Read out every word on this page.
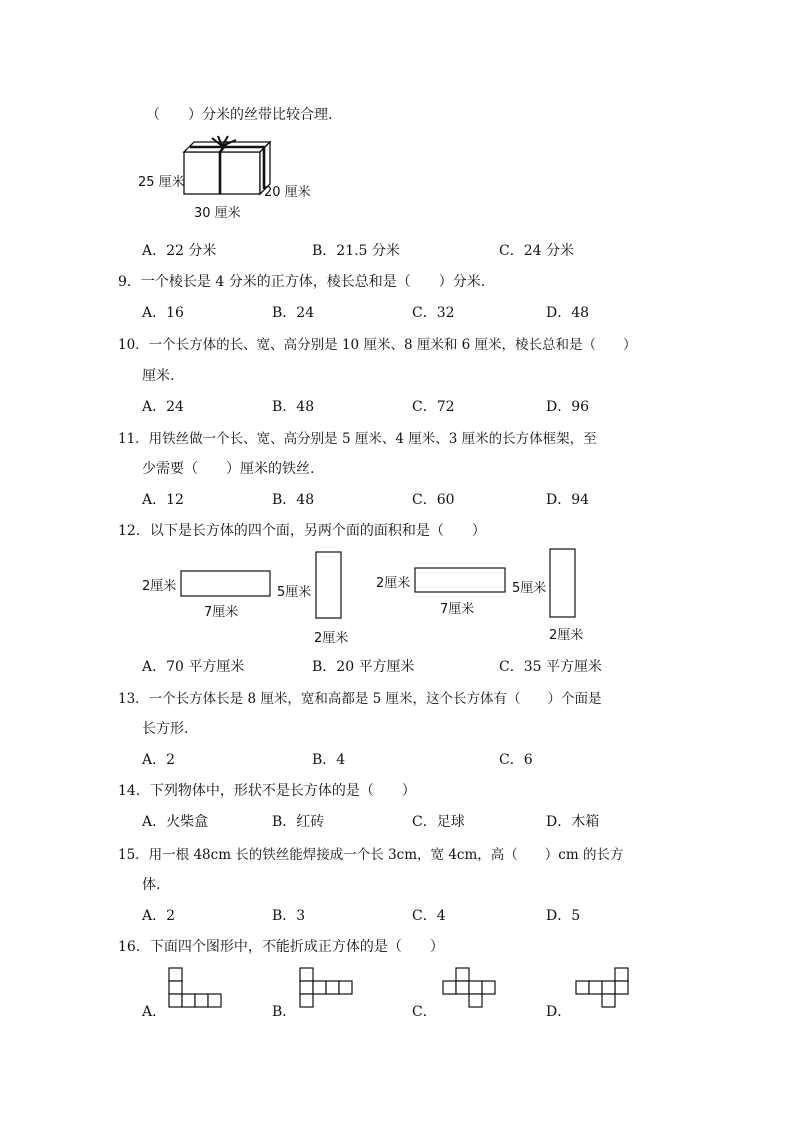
（　　）分米的丝带比较合理.
25 厘米
20 厘米
30 厘米
A．22 分米	B．21.5 分米	C．24 分米
9．一个棱长是 4 分米的正方体，棱长总和是（　　）分米.
A．16	B．24	C．32	D．48
10．一个长方体的长、宽、高分别是 10 厘米、8 厘米和 6 厘米，棱长总和是（　　）
厘米.
A．24	B．48	C．72	D．96
11．用铁丝做一个长、宽、高分别是 5 厘米、4 厘米、3 厘米的长方体框架，至
少需要（　　）厘米的铁丝.
A．12	B．48	C．60	D．94
12．以下是长方体的四个面，另两个面的面积和是（　　）
2厘米
7厘米
5厘米
2厘米
2厘米
7厘米
5厘米
2厘米
A．70 平方厘米	B．20 平方厘米	C．35 平方厘米
13．一个长方体长是 8 厘米，宽和高都是 5 厘米，这个长方体有（　　）个面是
长方形.
A．2	B．4	C．6
14．下列物体中，形状不是长方体的是（　　）
A．火柴盒	B．红砖	C．足球	D．木箱
15．用一根 48cm 长的铁丝能焊接成一个长 3cm，宽 4cm，高（　　）cm 的长方
体.
A．2	B．3	C．4	D．5
16．下面四个图形中，不能折成正方体的是（　　）
A．	B．	C．	D．
